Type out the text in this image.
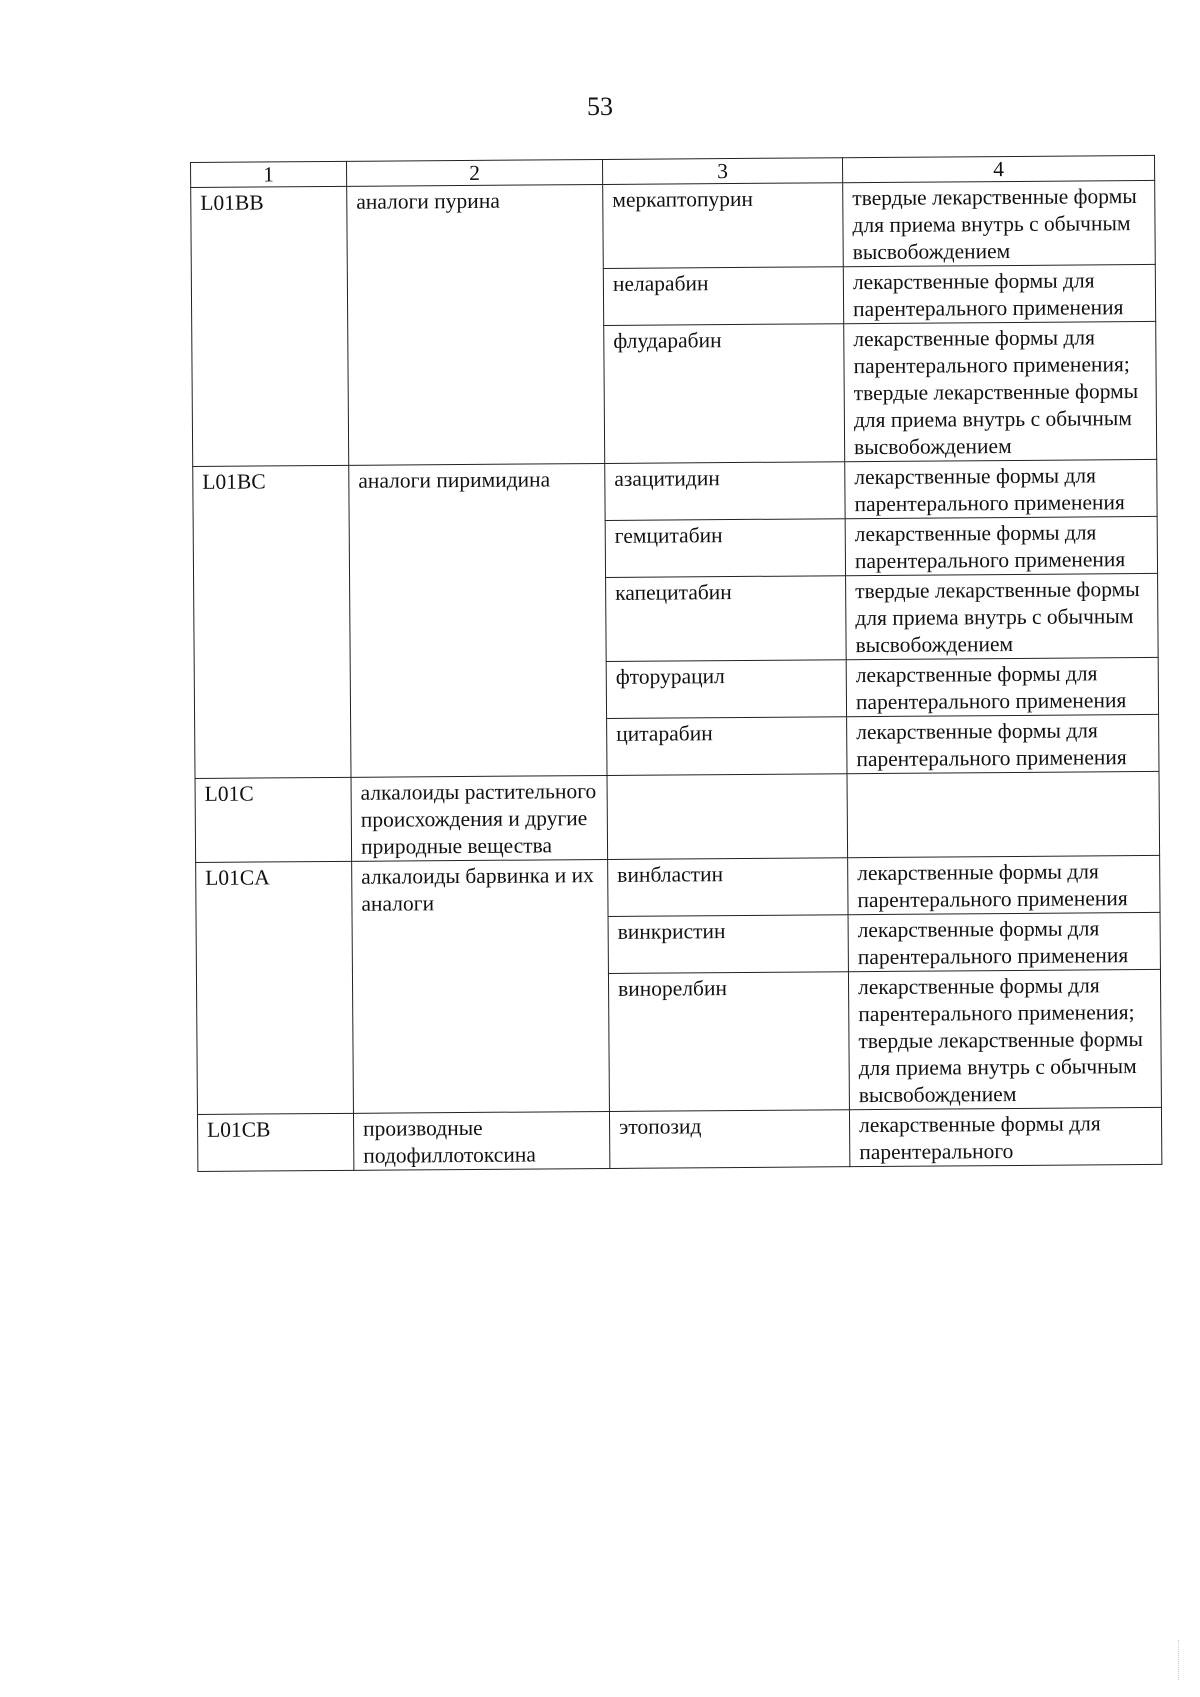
53
1	2	3	4
L01BB	аналоги пурина	меркаптопурин	твердые лекарственные формы для приема внутрь с обычным высвобождением
		неларабин	лекарственные формы для парентерального применения
		флударабин	лекарственные формы для парентерального применения; твердые лекарственные формы для приема внутрь с обычным высвобождением
L01BC	аналоги пиримидина	азацитидин	лекарственные формы для парентерального применения
		гемцитабин	лекарственные формы для парентерального применения
		капецитабин	твердые лекарственные формы для приема внутрь с обычным высвобождением
		фторурацил	лекарственные формы для парентерального применения
		цитарабин	лекарственные формы для парентерального применения
L01C	алкалоиды растительного происхождения и другие природные вещества		
L01CA	алкалоиды барвинка и их аналоги	винбластин	лекарственные формы для парентерального применения
		винкристин	лекарственные формы для парентерального применения
		винорелбин	лекарственные формы для парентерального применения; твердые лекарственные формы для приема внутрь с обычным высвобождением
L01CB	производные подофиллотоксина	этопозид	лекарственные формы для парентерального
